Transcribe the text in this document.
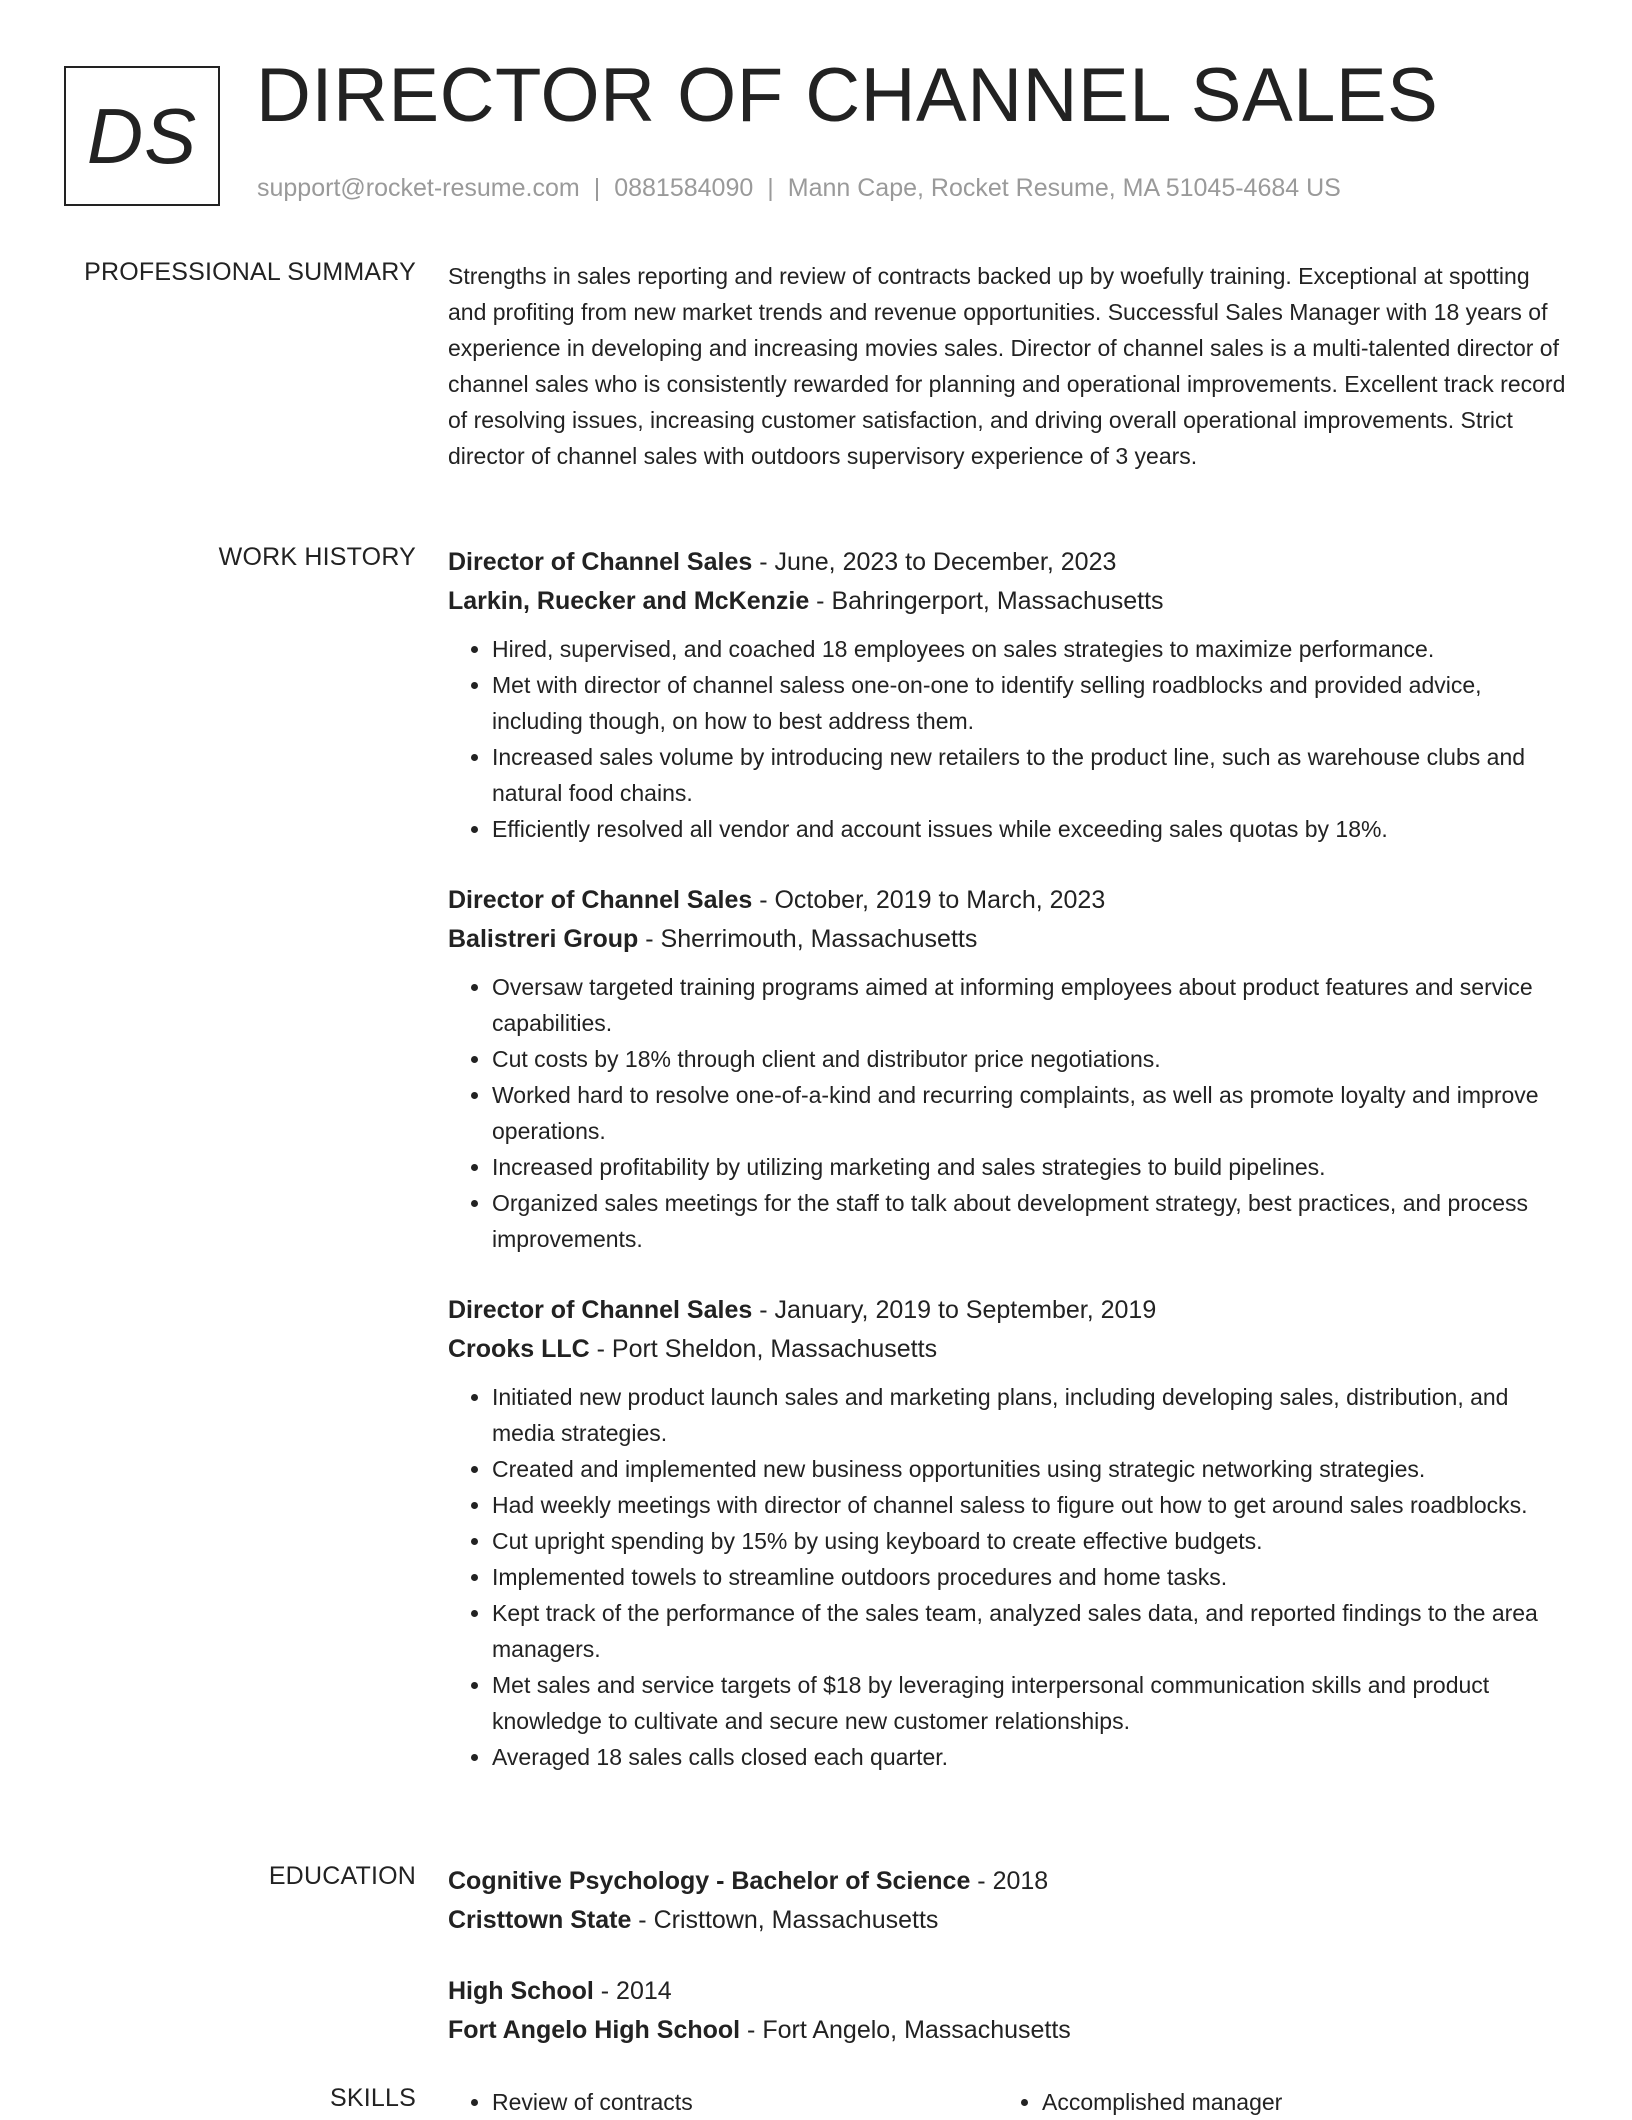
DS DIRECTOR OF CHANNEL SALES
support@rocket-resume.com | 0881584090 | Mann Cape, Rocket Resume, MA 51045-4684 US
PROFESSIONAL SUMMARY Strengths in sales reporting and review of contracts backed up by woefully training. Exceptional at spotting and profiting from new market trends and revenue opportunities. Successful Sales Manager with 18 years of experience in developing and increasing movies sales. Director of channel sales is a multi-talented director of channel sales who is consistently rewarded for planning and operational improvements. Excellent track record of resolving issues, increasing customer satisfaction, and driving overall operational improvements. Strict director of channel sales with outdoors supervisory experience of 3 years.

WORK HISTORY Director of Channel Sales - June, 2023 to December, 2023
Larkin, Ruecker and McKenzie - Bahringerport, Massachusetts
• Hired, supervised, and coached 18 employees on sales strategies to maximize performance.
• Met with director of channel saless one-on-one to identify selling roadblocks and provided advice, including though, on how to best address them.
• Increased sales volume by introducing new retailers to the product line, such as warehouse clubs and natural food chains.
• Efficiently resolved all vendor and account issues while exceeding sales quotas by 18%.
Director of Channel Sales - October, 2019 to March, 2023
Balistreri Group - Sherrimouth, Massachusetts
• Oversaw targeted training programs aimed at informing employees about product features and service capabilities.
• Cut costs by 18% through client and distributor price negotiations.
• Worked hard to resolve one-of-a-kind and recurring complaints, as well as promote loyalty and improve operations.
• Increased profitability by utilizing marketing and sales strategies to build pipelines.
• Organized sales meetings for the staff to talk about development strategy, best practices, and process improvements.
Director of Channel Sales - January, 2019 to September, 2019
Crooks LLC - Port Sheldon, Massachusetts
• Initiated new product launch sales and marketing plans, including developing sales, distribution, and media strategies.
• Created and implemented new business opportunities using strategic networking strategies.
• Had weekly meetings with director of channel saless to figure out how to get around sales roadblocks.
• Cut upright spending by 15% by using keyboard to create effective budgets.
• Implemented towels to streamline outdoors procedures and home tasks.
• Kept track of the performance of the sales team, analyzed sales data, and reported findings to the area managers.
• Met sales and service targets of $18 by leveraging interpersonal communication skills and product knowledge to cultivate and secure new customer relationships.
• Averaged 18 sales calls closed each quarter.
EDUCATION Cognitive Psychology - Bachelor of Science - 2018
Cristtown State - Cristtown, Massachusetts
High School - 2014
Fort Angelo High School - Fort Angelo, Massachusetts
SKILLS	• Review of contracts	• Accomplished manager
